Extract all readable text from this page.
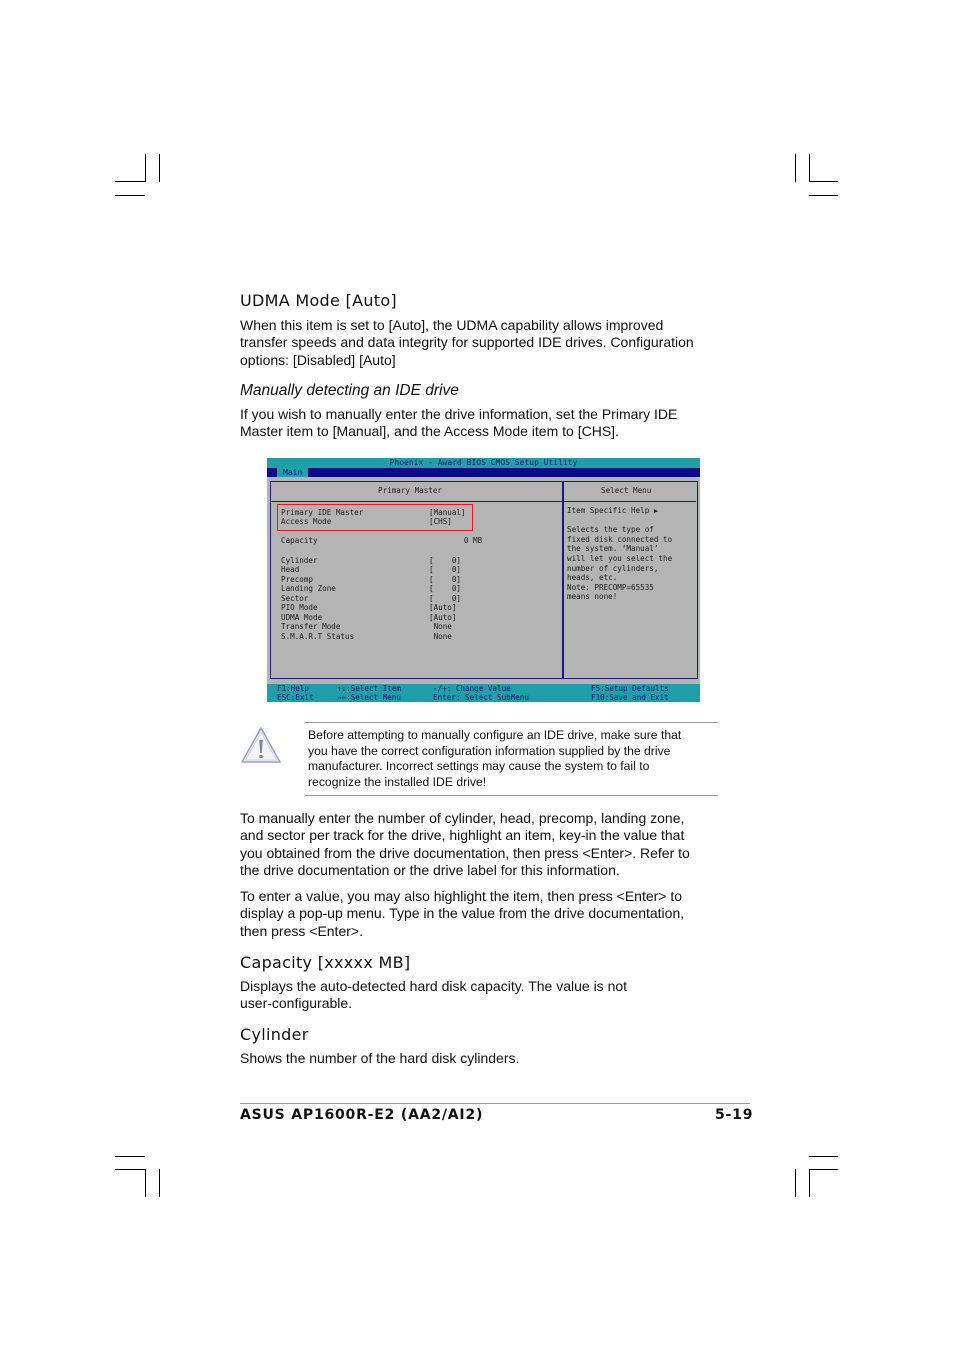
UDMA Mode [Auto]
When this item is set to [Auto], the UDMA capability allows improved
transfer speeds and data integrity for supported IDE drives. Configuration
options: [Disabled] [Auto]
Manually detecting an IDE drive
If you wish to manually enter the drive information, set the Primary IDE
Master item to [Manual], and the Access Mode item to [CHS].
Phoenix - Award BIOS CMOS Setup Utility
Main
Primary Master	Select Menu
Primary IDE Master	[Manual]
Access Mode	[CHS]
Capacity	0 MB
Cylinder	[    0]
Head	[    0]
Precomp	[    0]
Landing Zone	[    0]
Sector	[    0]
PIO Mode	[Auto]
UDMA Mode	[Auto]
Transfer Mode	None
S.M.A.R.T Status	None
Item Specific Help ▶
Selects the type of
fixed disk connected to
the system. ‘Manual’
will let you select the
number of cylinders,
heads, etc.
Note: PRECOMP=65535
means none!
F1:Help
ESC:Exit
↑↓:Select Item
→←:Select Menu
-/+: Change Value
Enter: Select SubMenu
F5:Setup Defaults
F10:Save and Exit
Before attempting to manually configure an IDE drive, make sure that
you have the correct configuration information supplied by the drive
manufacturer. Incorrect settings may cause the system to fail to
recognize the installed IDE drive!
To manually enter the number of cylinder, head, precomp, landing zone,
and sector per track for the drive, highlight an item, key-in the value that
you obtained from the drive documentation, then press <Enter>. Refer to
the drive documentation or the drive label for this information.
To enter a value, you may also highlight the item, then press <Enter> to
display a pop-up menu. Type in the value from the drive documentation,
then press <Enter>.
Capacity [xxxxx MB]
Displays the auto-detected hard disk capacity. The value is not
user-configurable.
Cylinder
Shows the number of the hard disk cylinders.
ASUS AP1600R-E2 (AA2/AI2)	5-19
